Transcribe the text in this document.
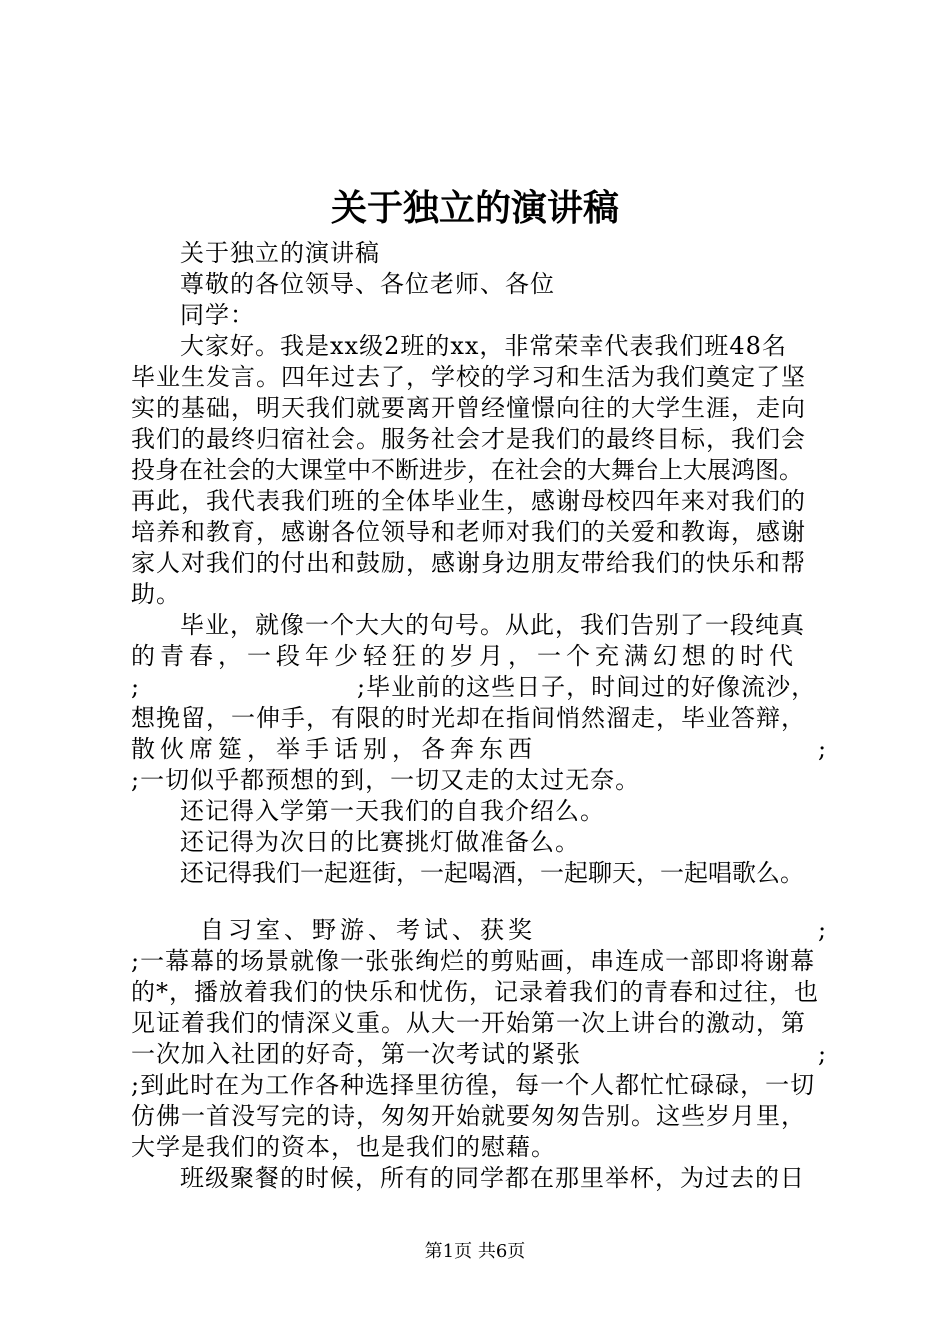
关于独立的演讲稿
关于独立的演讲稿
尊敬的各位领导、各位老师、各位
同学：
大家好。我是xx级2班的xx，非常荣幸代表我们班48名
毕业生发言。四年过去了，学校的学习和生活为我们奠定了坚
实的基础，明天我们就要离开曾经憧憬向往的大学生涯，走向
我们的最终归宿社会。服务社会才是我们的最终目标，我们会
投身在社会的大课堂中不断进步，在社会的大舞台上大展鸿图。
再此，我代表我们班的全体毕业生，感谢母校四年来对我们的
培养和教育，感谢各位领导和老师对我们的关爱和教诲，感谢
家人对我们的付出和鼓励，感谢身边朋友带给我们的快乐和帮
助。
毕业，就像一个大大的句号。从此，我们告别了一段纯真
的青春，一段年少轻狂的岁月，一个充满幻想的时代
;	;毕业前的这些日子，时间过的好像流沙，
想挽留，一伸手，有限的时光却在指间悄然溜走，毕业答辩，
散伙席筵，举手话别，各奔东西	;
;一切似乎都预想的到，一切又走的太过无奈。
还记得入学第一天我们的自我介绍么。
还记得为次日的比赛挑灯做准备么。
还记得我们一起逛街，一起喝酒，一起聊天，一起唱歌么。
自习室、野游、考试、获奖	;
;一幕幕的场景就像一张张绚烂的剪贴画，串连成一部即将谢幕
的*，播放着我们的快乐和忧伤，记录着我们的青春和过往，也
见证着我们的情深义重。从大一开始第一次上讲台的激动，第
一次加入社团的好奇，第一次考试的紧张	;
;到此时在为工作各种选择里彷徨，每一个人都忙忙碌碌，一切
仿佛一首没写完的诗，匆匆开始就要匆匆告别。这些岁月里，
大学是我们的资本，也是我们的慰藉。
班级聚餐的时候，所有的同学都在那里举杯，为过去的日
第1页 共6页
